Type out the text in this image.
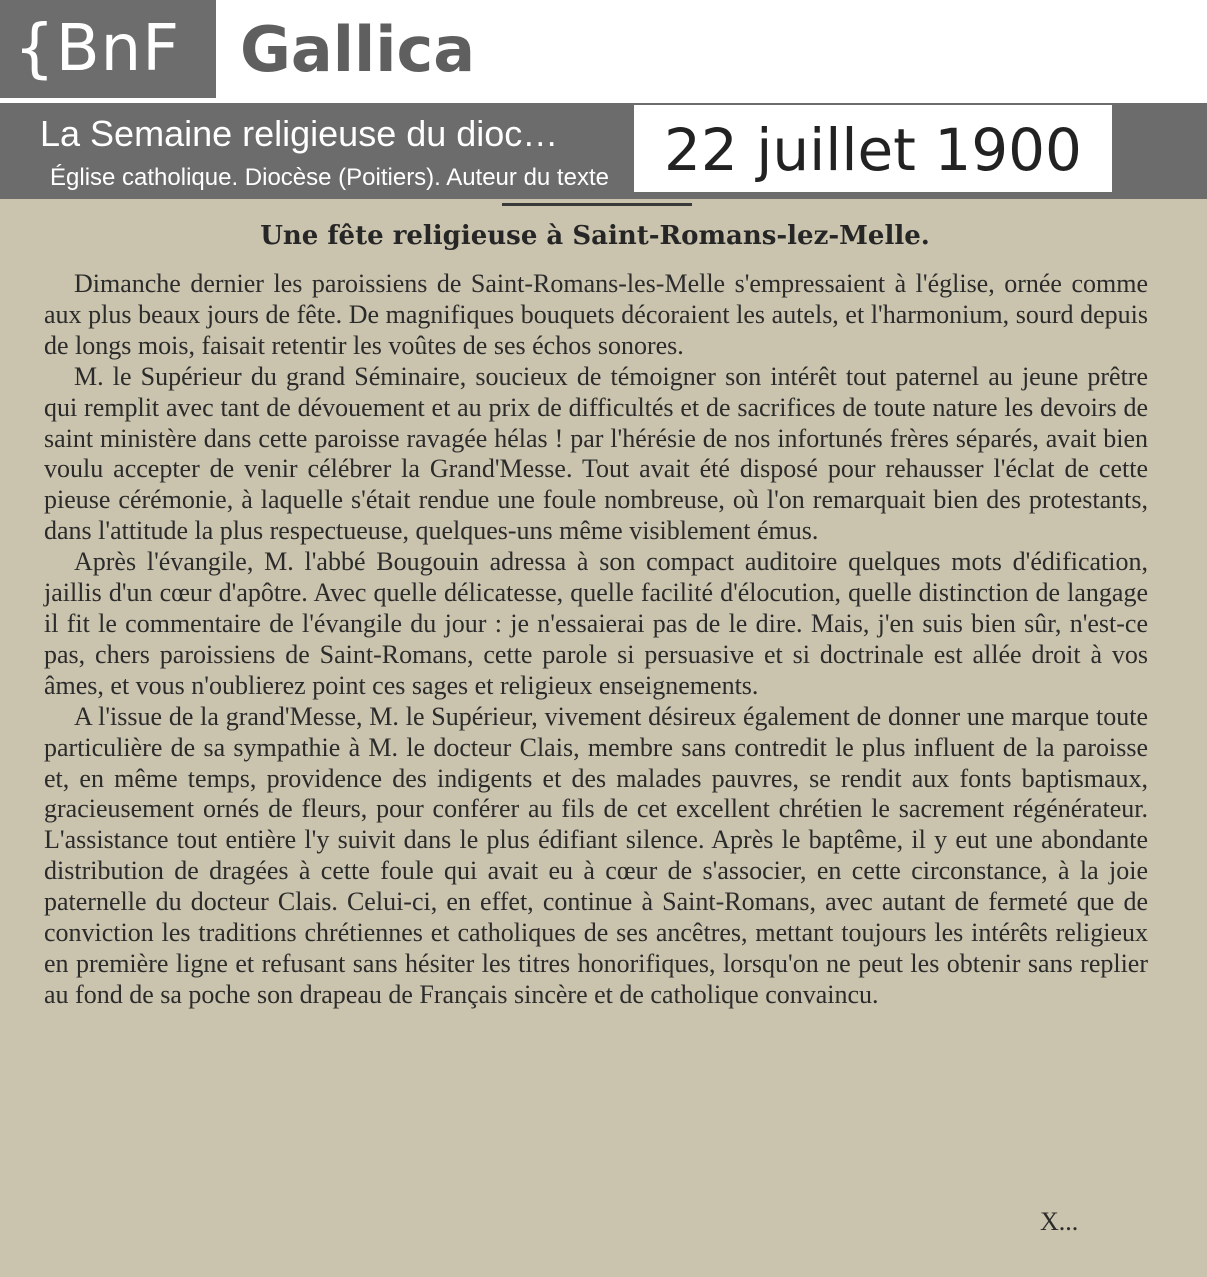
{BnF Gallica
La Semaine religieuse du dioc…
Église catholique. Diocèse (Poitiers). Auteur du texte 22 juillet 1900
Une fête religieuse à Saint-Romans-lez-Melle.

Dimanche dernier les paroissiens de Saint-Romans-les-Melle s'empressaient à l'église, ornée comme aux plus beaux jours de fête. De magnifiques bouquets décoraient les autels, et l'harmonium, sourd depuis de longs mois, faisait retentir les voûtes de ses échos sonores.

M. le Supérieur du grand Séminaire, soucieux de témoigner son intérêt tout paternel au jeune prêtre qui remplit avec tant de dévouement et au prix de difficultés et de sacrifices de toute nature les devoirs de saint ministère dans cette paroisse ravagée hélas ! par l'hérésie de nos infortunés frères séparés, avait bien voulu accepter de venir célébrer la Grand'Messe. Tout avait été disposé pour rehausser l'éclat de cette pieuse cérémonie, à laquelle s'était rendue une foule nombreuse, où l'on remarquait bien des protestants, dans l'attitude la plus respectueuse, quelques-uns même visiblement émus.

Après l'évangile, M. l'abbé Bougouin adressa à son compact auditoire quelques mots d'édification, jaillis d'un cœur d'apôtre. Avec quelle délicatesse, quelle facilité d'élocution, quelle distinction de langage il fit le commentaire de l'évangile du jour : je n'essaierai pas de le dire. Mais, j'en suis bien sûr, n'est-ce pas, chers paroissiens de Saint-Romans, cette parole si persuasive et si doctrinale est allée droit à vos âmes, et vous n'oublierez point ces sages et religieux enseignements.

A l'issue de la grand'Messe, M. le Supérieur, vivement désireux également de donner une marque toute particulière de sa sympathie à M. le docteur Clais, membre sans contredit le plus influent de la paroisse et, en même temps, providence des indigents et des malades pauvres, se rendit aux fonts baptismaux, gracieusement ornés de fleurs, pour conférer au fils de cet excellent chrétien le sacrement régénérateur. L'assistance tout entière l'y suivit dans le plus édifiant silence. Après le baptême, il y eut une abondante distribution de dragées à cette foule qui avait eu à cœur de s'associer, en cette circonstance, à la joie paternelle du docteur Clais. Celui-ci, en effet, continue à Saint-Romans, avec autant de fermeté que de conviction les traditions chrétiennes et catholiques de ses ancêtres, mettant toujours les intérêts religieux en première ligne et refusant sans hésiter les titres honorifiques, lorsqu'on ne peut les obtenir sans replier au fond de sa poche son drapeau de Français sincère et de catholique convaincu.

X...
